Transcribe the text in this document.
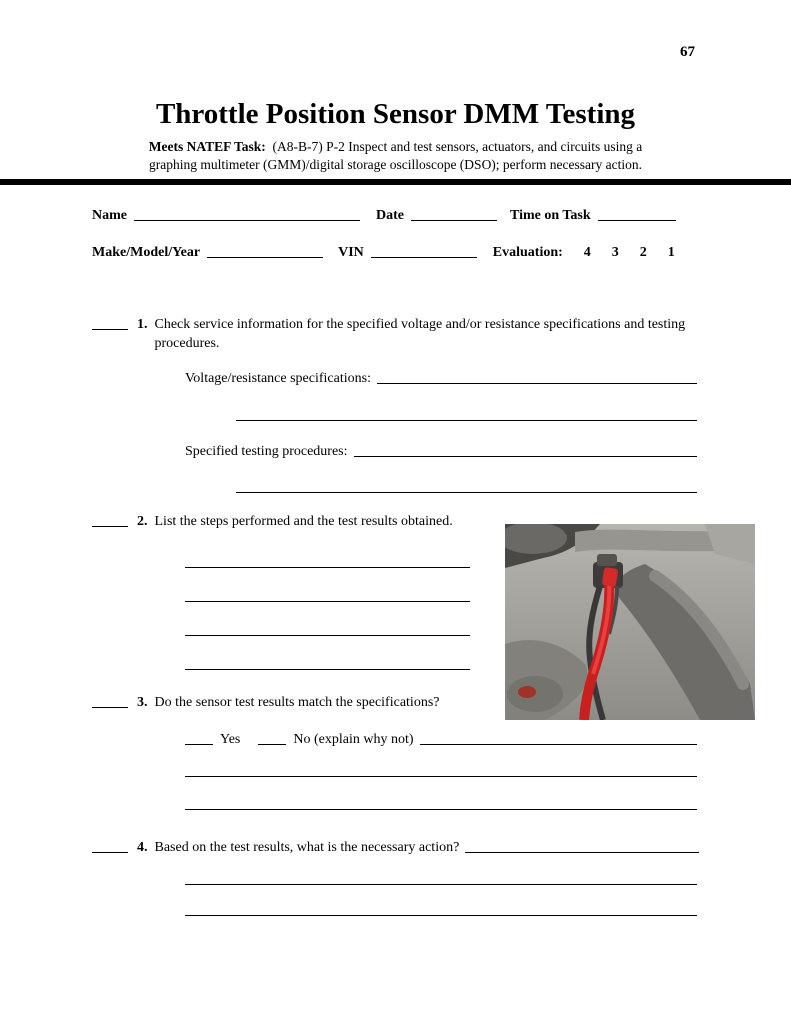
67
Throttle Position Sensor DMM Testing
Meets NATEF Task: (A8-B-7) P-2 Inspect and test sensors, actuators, and circuits using a
graphing multimeter (GMM)/digital storage oscilloscope (DSO); perform necessary action.
Name	Date	Time on Task
Make/Model/Year	VIN	Evaluation: 4 3 2 1
1. Check service information for the specified voltage and/or resistance specifications and testing procedures.
Voltage/resistance specifications:
Specified testing procedures:
2. List the steps performed and the test results obtained.
3. Do the sensor test results match the specifications?
Yes	No (explain why not)
4. Based on the test results, what is the necessary action?
